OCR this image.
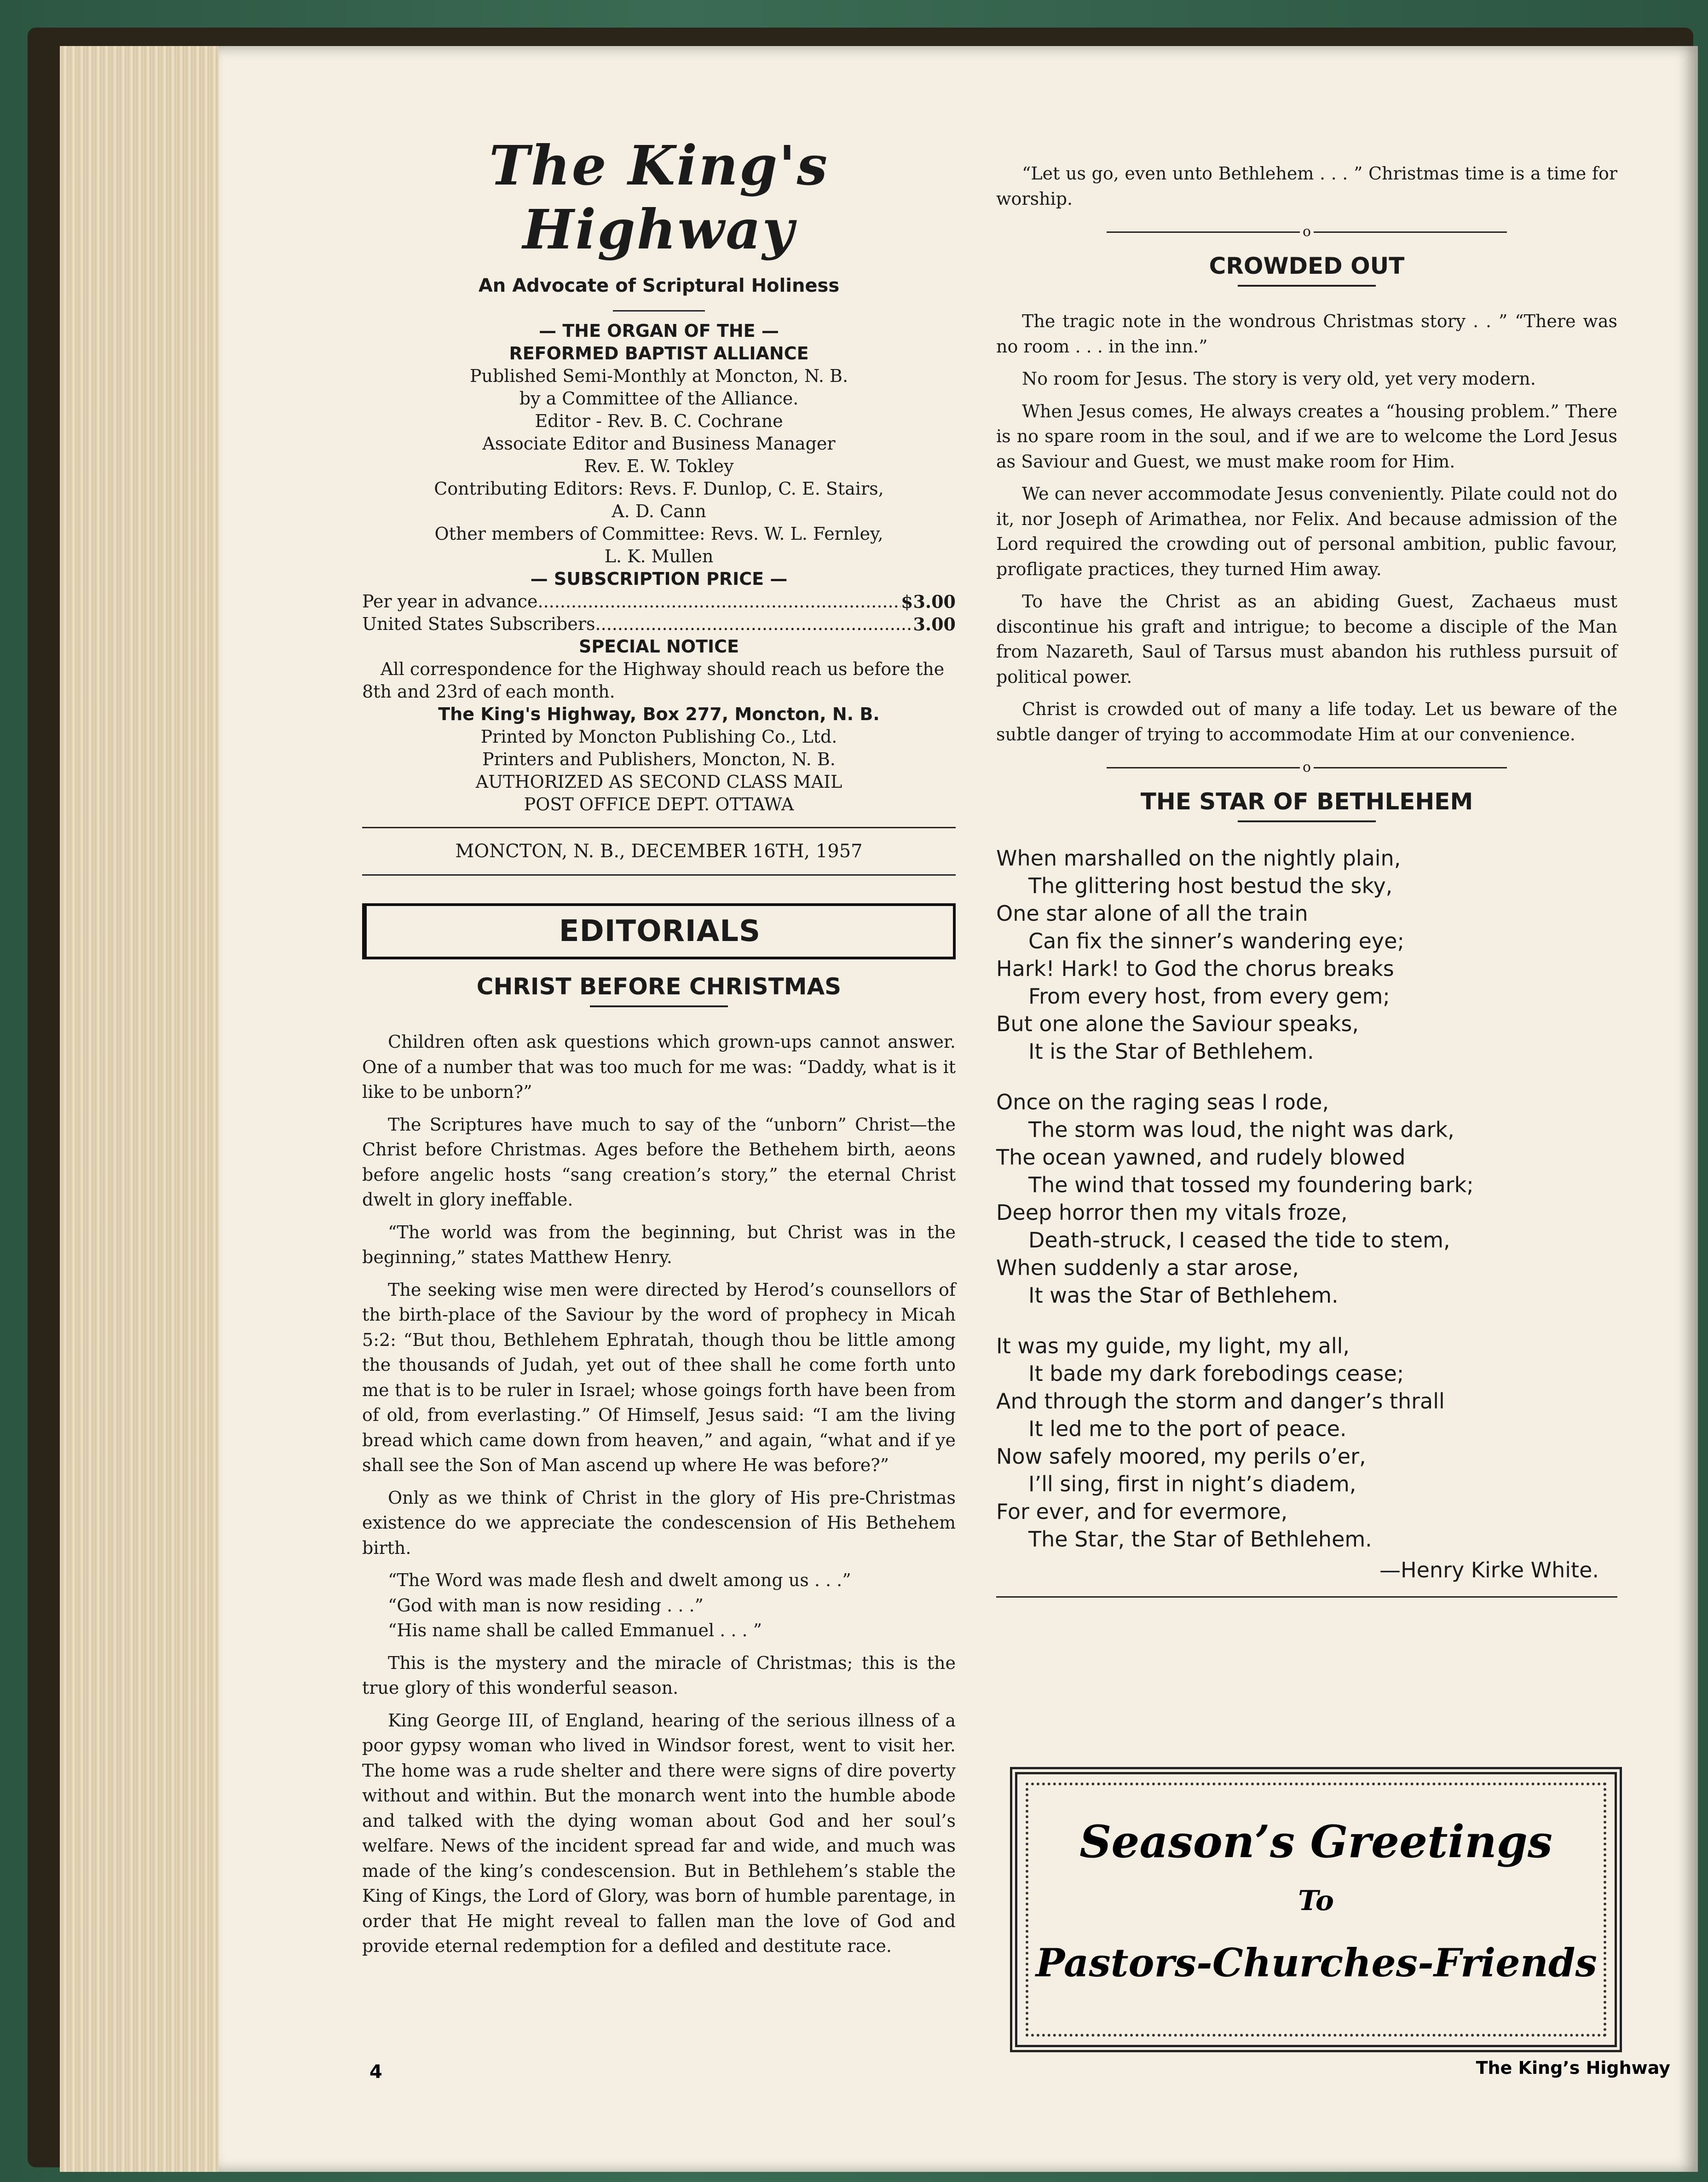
The King's Highway
An Advocate of Scriptural Holiness
— THE ORGAN OF THE —
REFORMED BAPTIST ALLIANCE
Published Semi-Monthly at Moncton, N. B.
by a Committee of the Alliance.
Editor - Rev. B. C. Cochrane
Associate Editor and Business Manager
Rev. E. W. Tokley
Contributing Editors: Revs. F. Dunlop, C. E. Stairs,
A. D. Cann
Other members of Committee: Revs. W. L. Fernley,
L. K. Mullen
— SUBSCRIPTION PRICE —
Per year in advance .....	$3.00
United States Subscribers .....	3.00
SPECIAL NOTICE
All correspondence for the Highway should reach us before the 8th and 23rd of each month.
The King's Highway, Box 277, Moncton, N. B.
Printed by Moncton Publishing Co., Ltd.
Printers and Publishers, Moncton, N. B.
AUTHORIZED AS SECOND CLASS MAIL
POST OFFICE DEPT. OTTAWA
MONCTON, N. B., DECEMBER 16TH, 1957
EDITORIALS
CHRIST BEFORE CHRISTMAS

Children often ask questions which grown-ups cannot answer. One of a number that was too much for me was: “Daddy, what is it like to be unborn?”

The Scriptures have much to say of the “unborn” Christ—the Christ before Christmas. Ages before the Bethehem birth, aeons before angelic hosts “sang creation’s story,” the eternal Christ dwelt in glory ineffable.

“The world was from the beginning, but Christ was in the beginning,” states Matthew Henry.

The seeking wise men were directed by Herod’s counsellors of the birth-place of the Saviour by the word of prophecy in Micah 5:2: “But thou, Bethlehem Ephratah, though thou be little among the thousands of Judah, yet out of thee shall he come forth unto me that is to be ruler in Israel; whose goings forth have been from of old, from everlasting.” Of Himself, Jesus said: “I am the living bread which came down from heaven,” and again, “what and if ye shall see the Son of Man ascend up where He was before?”

Only as we think of Christ in the glory of His pre-Christmas existence do we appreciate the condescension of His Bethehem birth.

“The Word was made flesh and dwelt among us . . .”

“God with man is now residing . . .”

“His name shall be called Emmanuel . . . ”

This is the mystery and the miracle of Christmas; this is the true glory of this wonderful season.

King George III, of England, hearing of the serious illness of a poor gypsy woman who lived in Windsor forest, went to visit her. The home was a rude shelter and there were signs of dire poverty without and within. But the monarch went into the humble abode and talked with the dying woman about God and her soul’s welfare. News of the incident spread far and wide, and much was made of the king’s condescension. But in Bethlehem’s stable the King of Kings, the Lord of Glory, was born of humble parentage, in order that He might reveal to fallen man the love of God and provide eternal redemption for a defiled and destitute race.

4

“Let us go, even unto Bethlehem . . . ” Christmas time is a time for worship.

o
CROWDED OUT

The tragic note in the wondrous Christmas story . . ” “There was no room . . . in the inn.”

No room for Jesus. The story is very old, yet very modern.

When Jesus comes, He always creates a “housing problem.” There is no spare room in the soul, and if we are to welcome the Lord Jesus as Saviour and Guest, we must make room for Him.

We can never accommodate Jesus conveniently. Pilate could not do it, nor Joseph of Arimathea, nor Felix. And because admission of the Lord required the crowding out of personal ambition, public favour, profligate practices, they turned Him away.

To have the Christ as an abiding Guest, Zachaeus must discontinue his graft and intrigue; to become a disciple of the Man from Nazareth, Saul of Tarsus must abandon his ruthless pursuit of political power.

Christ is crowded out of many a life today. Let us beware of the subtle danger of trying to accommodate Him at our convenience.

o
THE STAR OF BETHLEHEM
When marshalled on the nightly plain,
The glittering host bestud the sky,
One star alone of all the train
Can fix the sinner’s wandering eye;
Hark! Hark! to God the chorus breaks
From every host, from every gem;
But one alone the Saviour speaks,
It is the Star of Bethlehem.
Once on the raging seas I rode,
The storm was loud, the night was dark,
The ocean yawned, and rudely blowed
The wind that tossed my foundering bark;
Deep horror then my vitals froze,
Death-struck, I ceased the tide to stem,
When suddenly a star arose,
It was the Star of Bethlehem.
It was my guide, my light, my all,
It bade my dark forebodings cease;
And through the storm and danger’s thrall
It led me to the port of peace.
Now safely moored, my perils o’er,
I’ll sing, first in night’s diadem,
For ever, and for evermore,
The Star, the Star of Bethlehem.
—Henry Kirke White.
Season’s Greetings
To
Pastors - Churches - Friends
The King’s Highway
